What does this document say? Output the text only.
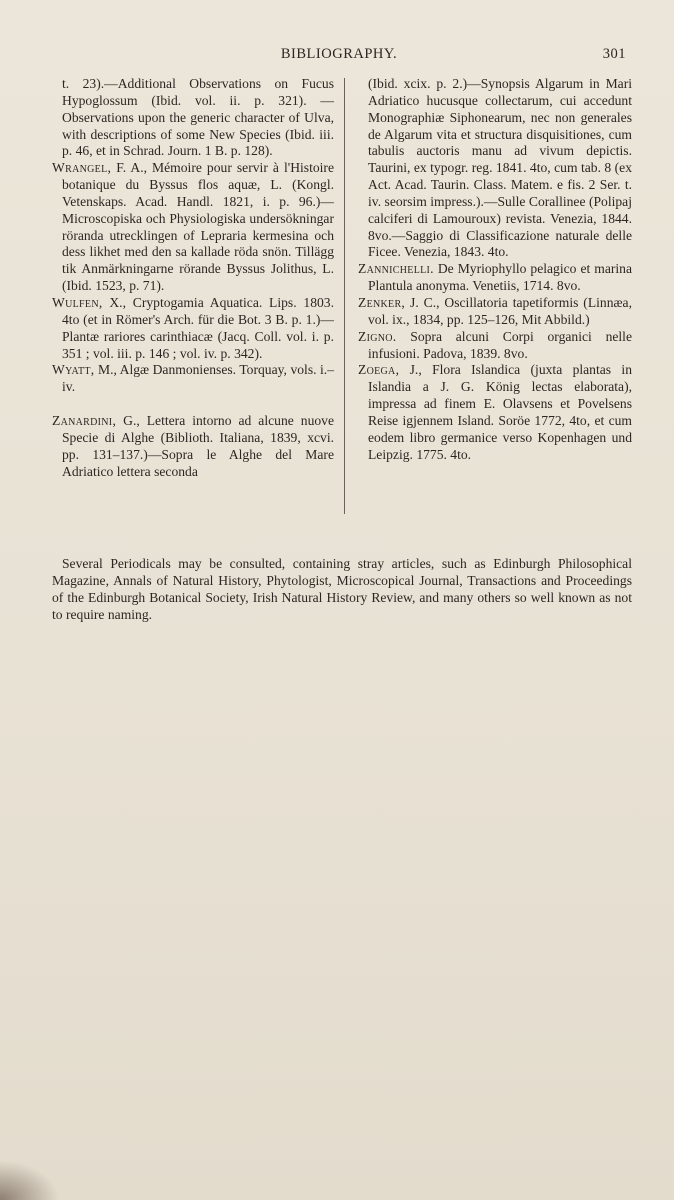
BIBLIOGRAPHY.	301

t. 23).—Additional Observations on Fucus Hypoglossum (Ibid. vol. ii. p. 321). —Observations upon the generic character of Ulva, with descriptions of some New Species (Ibid. iii. p. 46, et in Schrad. Journ. 1 B. p. 128).

Wrangel, F. A., Mémoire pour servir à l'Histoire botanique du Byssus flos aquæ, L. (Kongl. Vetenskaps. Acad. Handl. 1821, i. p. 96.)—Microscopiska och Physiologiska undersökningar röranda utrecklingen of Lepraria kermesina och dess likhet med den sa kallade röda snön. Tillägg tik Anmärkningarne rörande Byssus Jolithus, L. (Ibid. 1523, p. 71).

Wulfen, X., Cryptogamia Aquatica. Lips. 1803. 4to (et in Römer's Arch. für die Bot. 3 B. p. 1.)—Plantæ rariores carinthiacæ (Jacq. Coll. vol. i. p. 351 ; vol. iii. p. 146 ; vol. iv. p. 342).

Wyatt, M., Algæ Danmonienses. Torquay, vols. i.–iv.

Zanardini, G., Lettera intorno ad alcune nuove Specie di Alghe (Biblioth. Italiana, 1839, xcvi. pp. 131–137.)—Sopra le Alghe del Mare Adriatico lettera seconda

(Ibid. xcix. p. 2.)—Synopsis Algarum in Mari Adriatico hucusque collectarum, cui accedunt Monographiæ Siphonearum, nec non generales de Algarum vita et structura disquisitiones, cum tabulis auctoris manu ad vivum depictis. Taurini, ex typogr. reg. 1841. 4to, cum tab. 8 (ex Act. Acad. Taurin. Class. Matem. e fis. 2 Ser. t. iv. seorsim impress.).—Sulle Corallinee (Polipaj calciferi di Lamouroux) revista. Venezia, 1844. 8vo.—Saggio di Classificazione naturale delle Ficee. Venezia, 1843. 4to.

Zannichelli. De Myriophyllo pelagico et marina Plantula anonyma. Venetiis, 1714. 8vo.

Zenker, J. C., Oscillatoria tapetiformis (Linnæa, vol. ix., 1834, pp. 125–126, Mit Abbild.)

Zigno. Sopra alcuni Corpi organici nelle infusioni. Padova, 1839. 8vo.

Zoega, J., Flora Islandica (juxta plantas in Islandia a J. G. König lectas elaborata), impressa ad finem E. Olavsens et Povelsens Reise igjennem Island. Soröe 1772, 4to, et cum eodem libro germanice verso Kopenhagen und Leipzig. 1775. 4to.

Several Periodicals may be consulted, containing stray articles, such as Edinburgh Philosophical Magazine, Annals of Natural History, Phytologist, Microscopical Journal, Transactions and Proceedings of the Edinburgh Botanical Society, Irish Natural History Review, and many others so well known as not to require naming.
